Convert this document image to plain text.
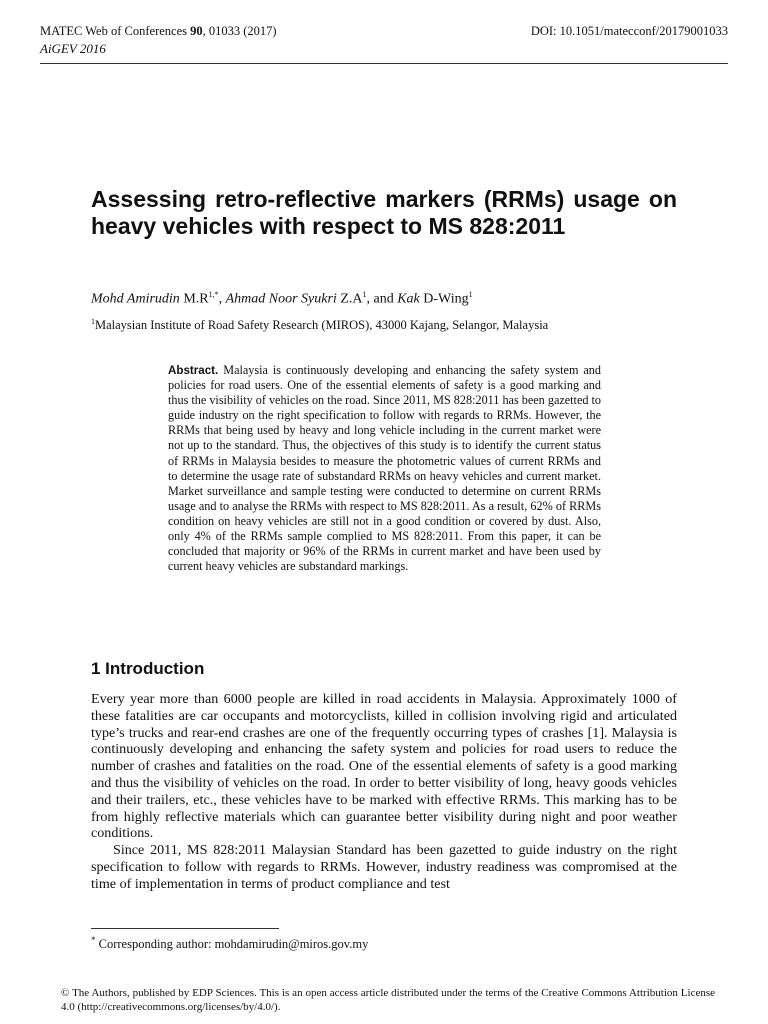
MATEC Web of Conferences 90, 01033 (2017)	DOI: 10.1051/matecconf/20179001033
AiGEV 2016
Assessing retro-reflective markers (RRMs) usage on heavy vehicles with respect to MS 828:2011
Mohd Amirudin $M.R^{1,*}$, Ahmad Noor Syukri $Z.A^1$, and Kak D-Wing$^1$
$^1$Malaysian Institute of Road Safety Research (MIROS), 43000 Kajang, Selangor, Malaysia
Abstract. Malaysia is continuously developing and enhancing the safety system and policies for road users. One of the essential elements of safety is a good marking and thus the visibility of vehicles on the road. Since 2011, MS 828:2011 has been gazetted to guide industry on the right specification to follow with regards to RRMs. However, the RRMs that being used by heavy and long vehicle including in the current market were not up to the standard. Thus, the objectives of this study is to identify the current status of RRMs in Malaysia besides to measure the photometric values of current RRMs and to determine the usage rate of substandard RRMs on heavy vehicles and current market. Market surveillance and sample testing were conducted to determine on current RRMs usage and to analyse the RRMs with respect to MS 828:2011. As a result, 62% of RRMs condition on heavy vehicles are still not in a good condition or covered by dust. Also, only 4% of the RRMs sample complied to MS 828:2011. From this paper, it can be concluded that majority or 96% of the RRMs in current market and have been used by current heavy vehicles are substandard markings.
1 Introduction

Every year more than 6000 people are killed in road accidents in Malaysia. Approximately 1000 of these fatalities are car occupants and motorcyclists, killed in collision involving rigid and articulated type’s trucks and rear-end crashes are one of the frequently occurring types of crashes [1]. Malaysia is continuously developing and enhancing the safety system and policies for road users to reduce the number of crashes and fatalities on the road. One of the essential elements of safety is a good marking and thus the visibility of vehicles on the road. In order to better visibility of long, heavy goods vehicles and their trailers, etc., these vehicles have to be marked with effective RRMs. This marking has to be from highly reflective materials which can guarantee better visibility during night and poor weather conditions.

Since 2011, MS 828:2011 Malaysian Standard has been gazetted to guide industry on the right specification to follow with regards to RRMs. However, industry readiness was compromised at the time of implementation in terms of product compliance and test

* Corresponding author: mohdamirudin@miros.gov.my
© The Authors, published by EDP Sciences. This is an open access article distributed under the terms of the Creative Commons Attribution License 4.0 (http://creativecommons.org/licenses/by/4.0/).
